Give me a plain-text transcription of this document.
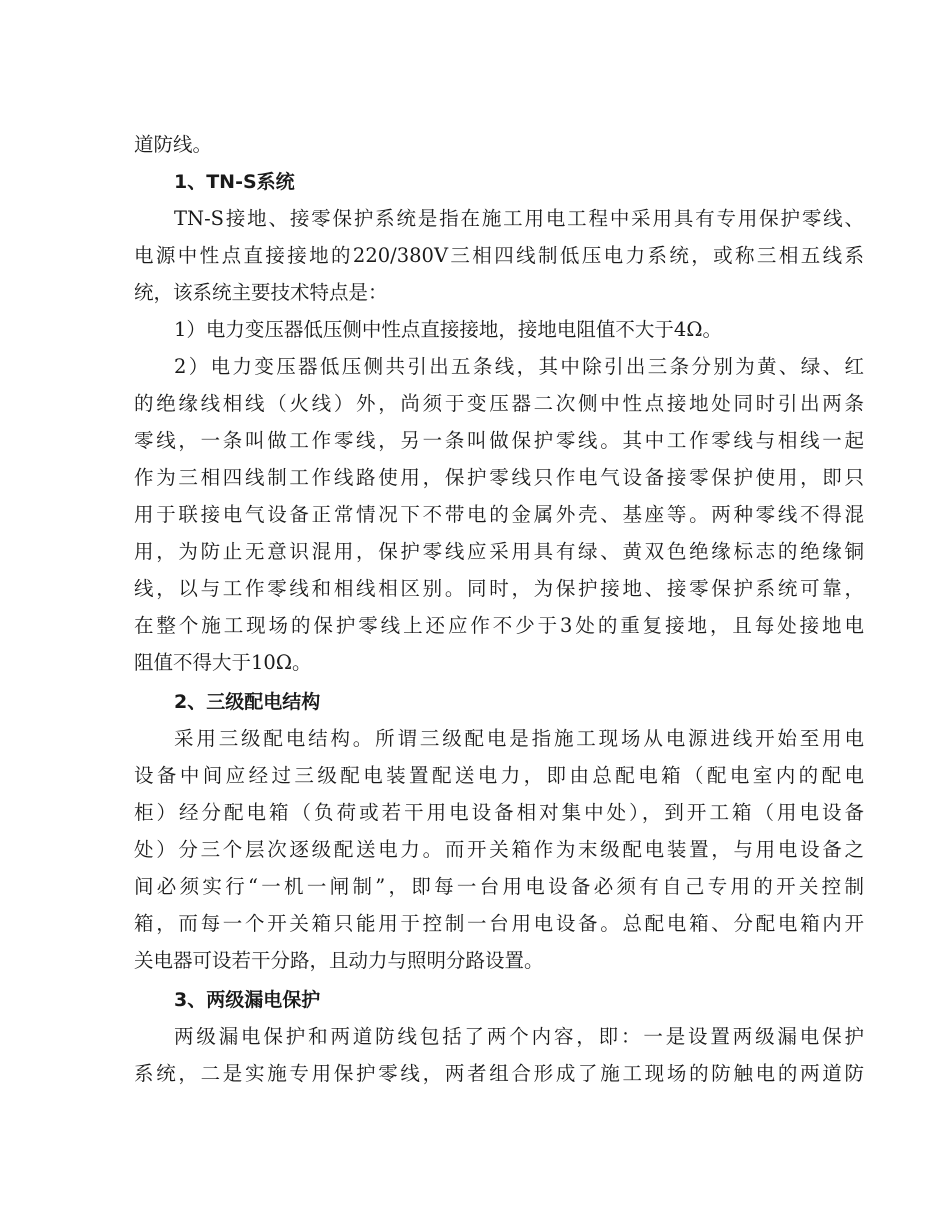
道防线。
1、TN-S系统
TN-S接地、接零保护系统是指在施工用电工程中采用具有专用保护零线、
电源中性点直接接地的220/380V三相四线制低压电力系统，或称三相五线系
统，该系统主要技术特点是：
1）电力变压器低压侧中性点直接接地，接地电阻值不大于4Ω。
2）电力变压器低压侧共引出五条线，其中除引出三条分别为黄、绿、红
的绝缘线相线（火线）外，尚须于变压器二次侧中性点接地处同时引出两条
零线，一条叫做工作零线，另一条叫做保护零线。其中工作零线与相线一起
作为三相四线制工作线路使用，保护零线只作电气设备接零保护使用，即只
用于联接电气设备正常情况下不带电的金属外壳、基座等。两种零线不得混
用，为防止无意识混用，保护零线应采用具有绿、黄双色绝缘标志的绝缘铜
线，以与工作零线和相线相区别。同时，为保护接地、接零保护系统可靠，
在整个施工现场的保护零线上还应作不少于3处的重复接地，且每处接地电
阻值不得大于10Ω。
2、三级配电结构
采用三级配电结构。所谓三级配电是指施工现场从电源进线开始至用电
设备中间应经过三级配电装置配送电力，即由总配电箱（配电室内的配电
柜）经分配电箱（负荷或若干用电设备相对集中处），到开工箱（用电设备
处）分三个层次逐级配送电力。而开关箱作为末级配电装置，与用电设备之
间必须实行“一机一闸制”，即每一台用电设备必须有自己专用的开关控制
箱，而每一个开关箱只能用于控制一台用电设备。总配电箱、分配电箱内开
关电器可设若干分路，且动力与照明分路设置。
3、两级漏电保护
两级漏电保护和两道防线包括了两个内容，即：一是设置两级漏电保护
系统，二是实施专用保护零线，两者组合形成了施工现场的防触电的两道防
